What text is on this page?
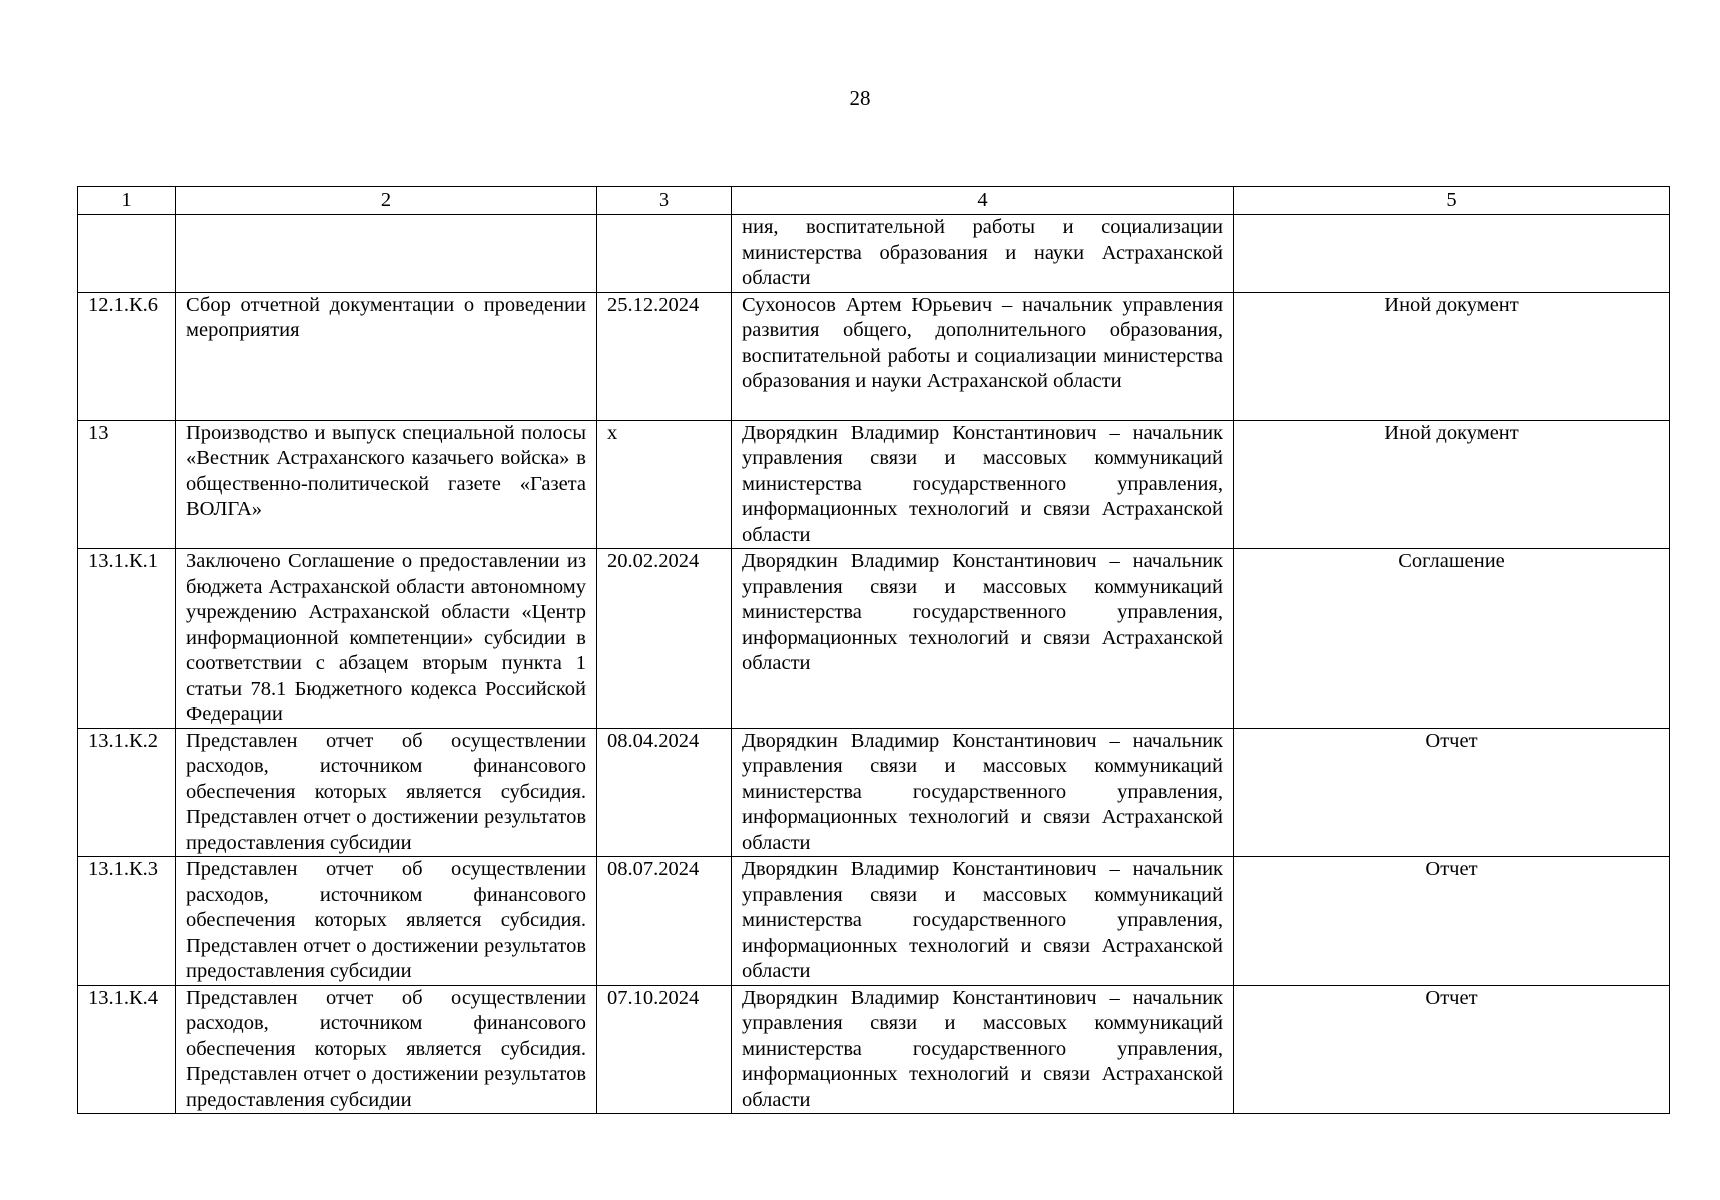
28
1	2	3	4	5
			ния, воспитательной работы и социализации министерства образования и науки Астраханской области	
12.1.К.6	Сбор отчетной документации о проведении мероприятия	25.12.2024	Сухоносов Артем Юрьевич – начальник управления развития общего, дополнительного образования, воспитательной работы и социализации министерства образования и науки Астраханской области	Иной документ
13	Производство и выпуск специальной полосы «Вестник Астраханского казачьего войска» в общественно-политической газете «Газета ВОЛГА»	x	Дворядкин Владимир Константинович – начальник управления связи и массовых коммуникаций министерства государственного управления, информационных технологий и связи Астраханской области	Иной документ
13.1.К.1	Заключено Соглашение о предоставлении из бюджета Астраханской области автономному учреждению Астраханской области «Центр информационной компетенции» субсидии в соответствии с абзацем вторым пункта 1 статьи 78.1 Бюджетного кодекса Российской Федерации	20.02.2024	Дворядкин Владимир Константинович – начальник управления связи и массовых коммуникаций министерства государственного управления, информационных технологий и связи Астраханской области	Соглашение
13.1.К.2	Представлен отчет об осуществлении расходов, источником финансового обеспечения которых является субсидия. Представлен отчет о достижении результатов предоставления субсидии	08.04.2024	Дворядкин Владимир Константинович – начальник управления связи и массовых коммуникаций министерства государственного управления, информационных технологий и связи Астраханской области	Отчет
13.1.К.3	Представлен отчет об осуществлении расходов, источником финансового обеспечения которых является субсидия. Представлен отчет о достижении результатов предоставления субсидии	08.07.2024	Дворядкин Владимир Константинович – начальник управления связи и массовых коммуникаций министерства государственного управления, информационных технологий и связи Астраханской области	Отчет
13.1.К.4	Представлен отчет об осуществлении расходов, источником финансового обеспечения которых является субсидия. Представлен отчет о достижении результатов предоставления субсидии	07.10.2024	Дворядкин Владимир Константинович – начальник управления связи и массовых коммуникаций министерства государственного управления, информационных технологий и связи Астраханской области	Отчет
